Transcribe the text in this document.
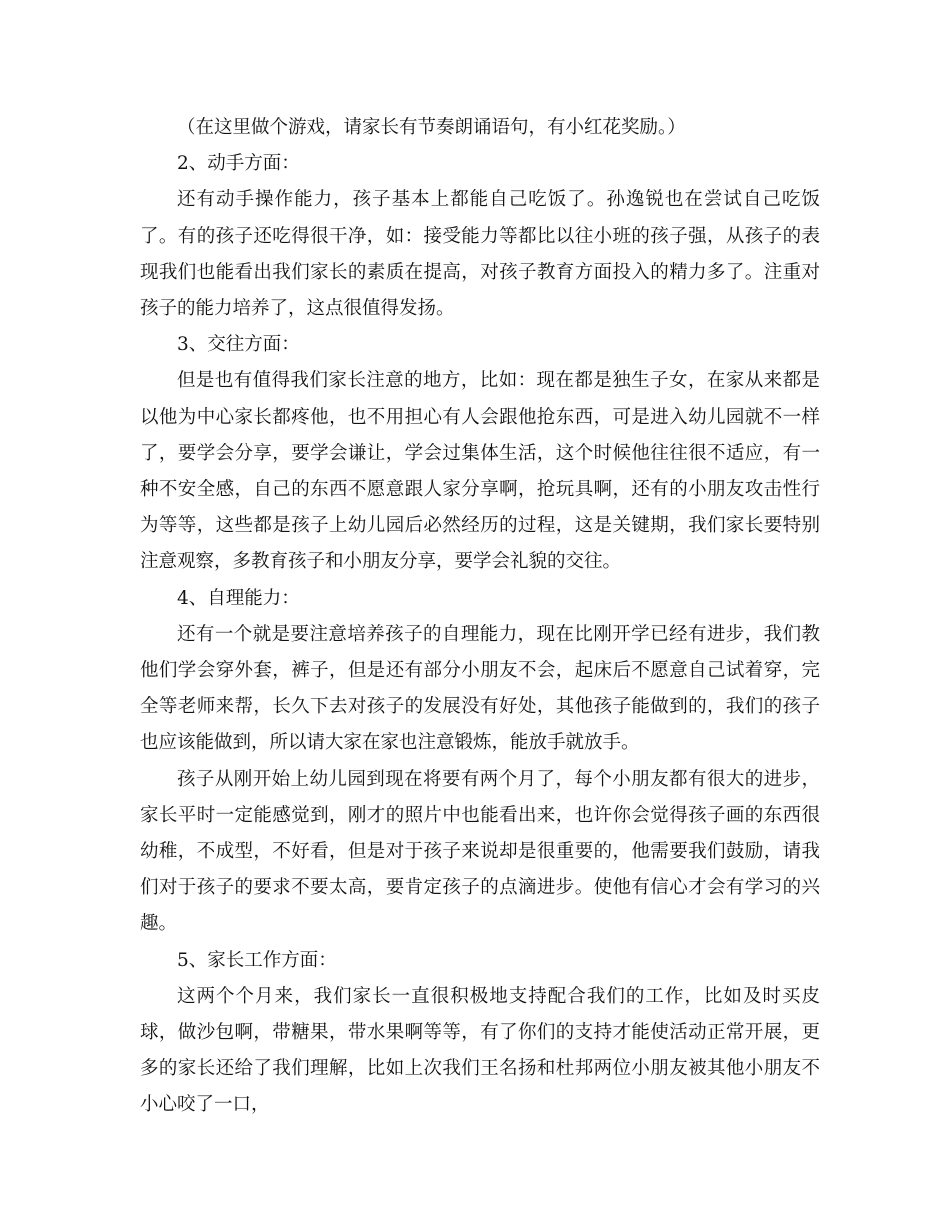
（在这里做个游戏，请家长有节奏朗诵语句，有小红花奖励。）

2、动手方面：

还有动手操作能力，孩子基本上都能自己吃饭了。孙逸锐也在尝试自己吃饭了。有的孩子还吃得很干净，如：接受能力等都比以往小班的孩子强，从孩子的表现我们也能看出我们家长的素质在提高，对孩子教育方面投入的精力多了。注重对孩子的能力培养了，这点很值得发扬。

3、交往方面：

但是也有值得我们家长注意的地方，比如：现在都是独生子女，在家从来都是以他为中心家长都疼他，也不用担心有人会跟他抢东西，可是进入幼儿园就不一样了，要学会分享，要学会谦让，学会过集体生活，这个时候他往往很不适应，有一种不安全感，自己的东西不愿意跟人家分享啊，抢玩具啊，还有的小朋友攻击性行为等等，这些都是孩子上幼儿园后必然经历的过程，这是关键期，我们家长要特别注意观察，多教育孩子和小朋友分享，要学会礼貌的交往。

4、自理能力：

还有一个就是要注意培养孩子的自理能力，现在比刚开学已经有进步，我们教他们学会穿外套，裤子，但是还有部分小朋友不会，起床后不愿意自己试着穿，完全等老师来帮，长久下去对孩子的发展没有好处，其他孩子能做到的，我们的孩子也应该能做到，所以请大家在家也注意锻炼，能放手就放手。

孩子从刚开始上幼儿园到现在将要有两个月了，每个小朋友都有很大的进步，家长平时一定能感觉到，刚才的照片中也能看出来，也许你会觉得孩子画的东西很幼稚，不成型，不好看，但是对于孩子来说却是很重要的，他需要我们鼓励，请我们对于孩子的要求不要太高，要肯定孩子的点滴进步。使他有信心才会有学习的兴趣。

5、家长工作方面：

这两个个月来，我们家长一直很积极地支持配合我们的工作，比如及时买皮球，做沙包啊，带糖果，带水果啊等等，有了你们的支持才能使活动正常开展，更多的家长还给了我们理解，比如上次我们王名扬和杜邦两位小朋友被其他小朋友不小心咬了一口，
